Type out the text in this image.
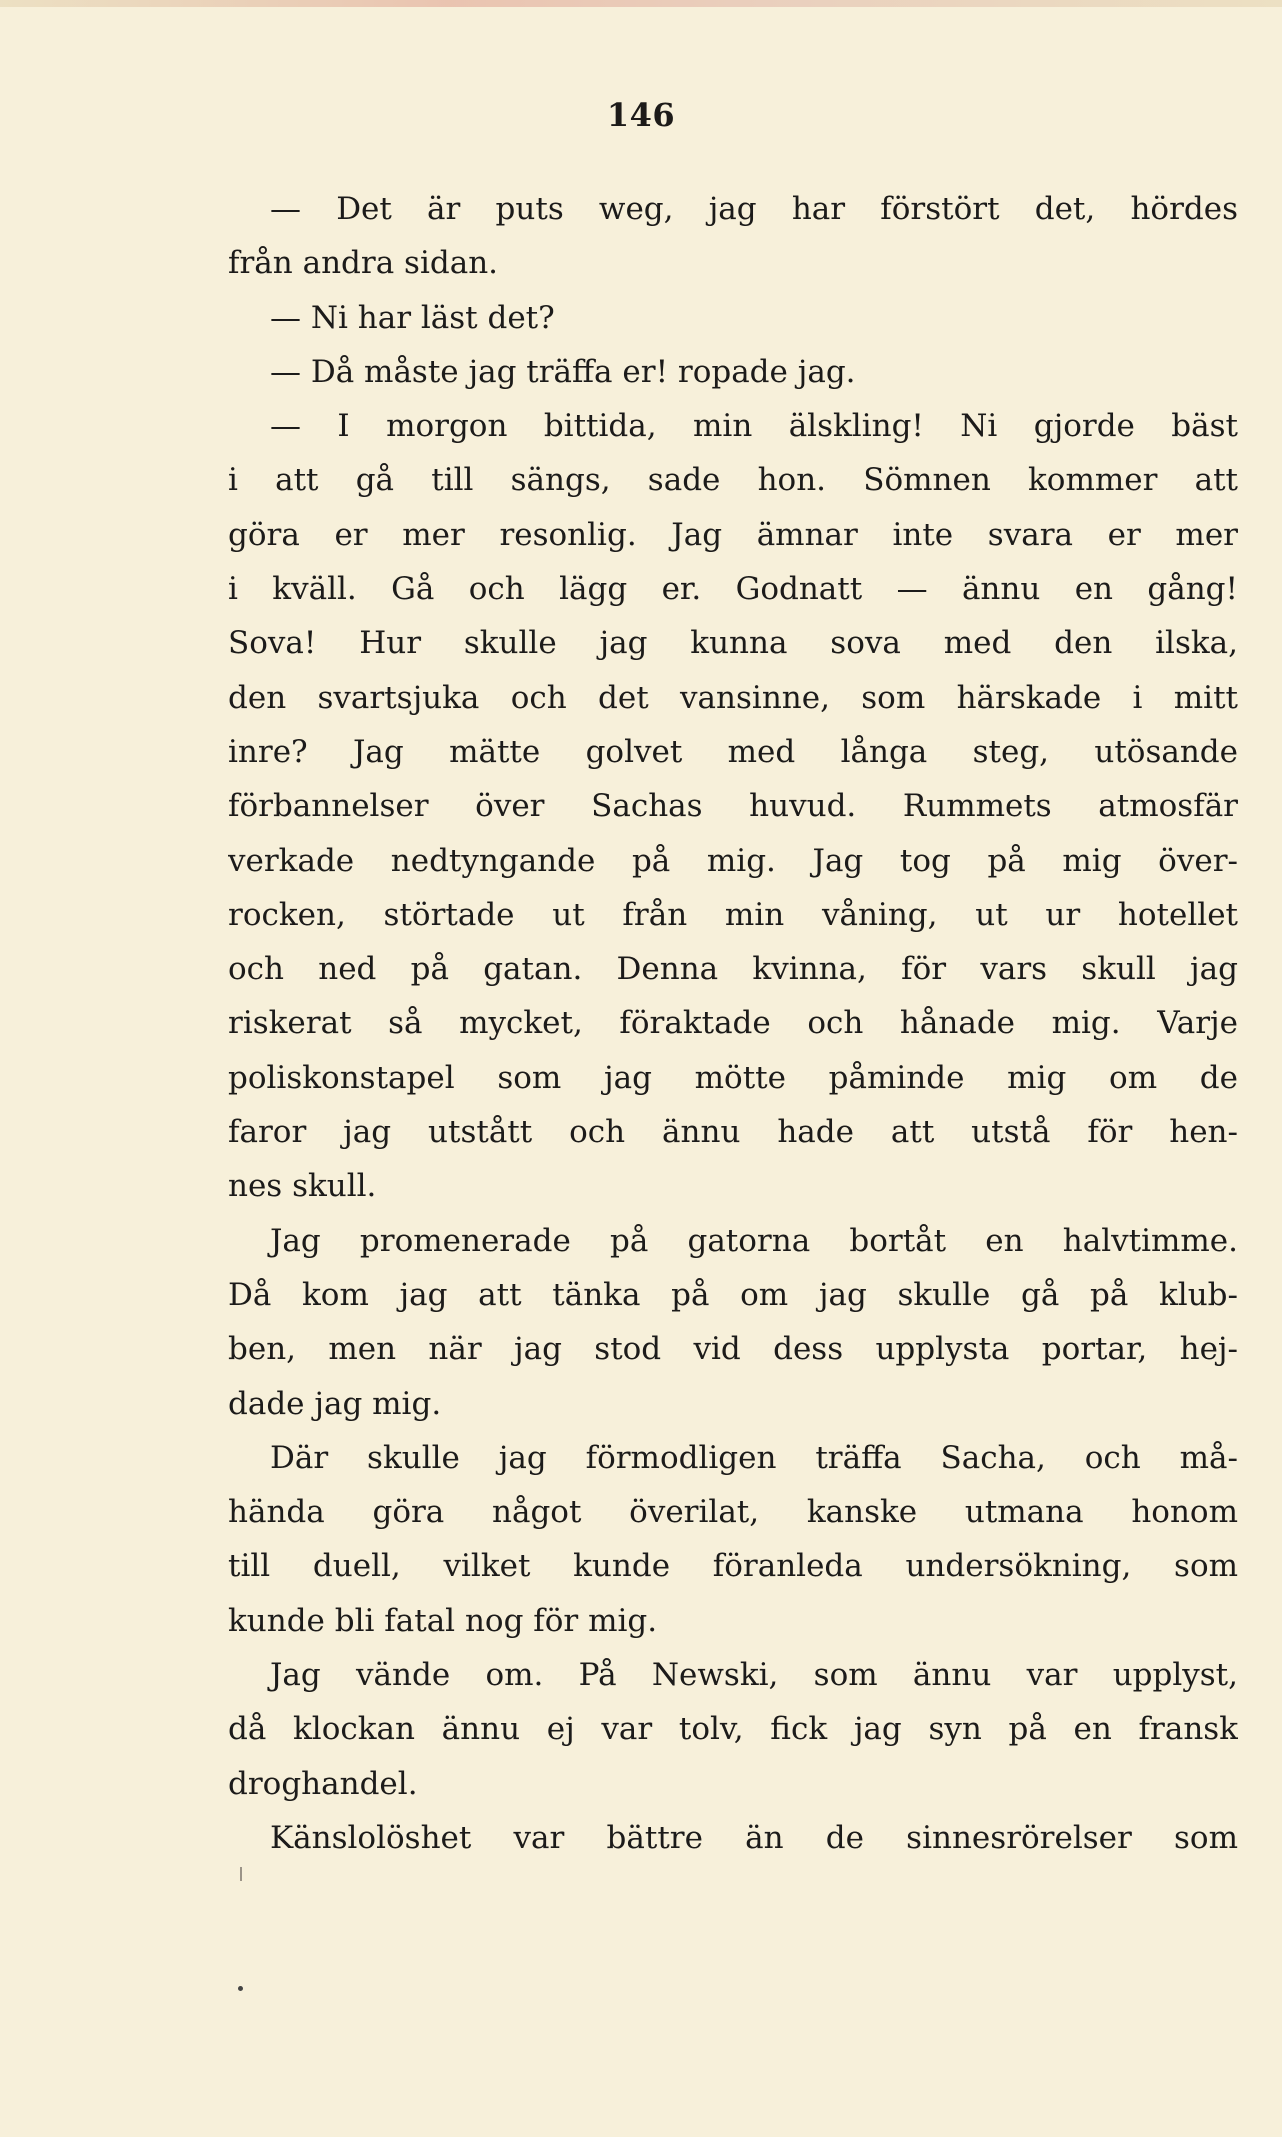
146
— Det är puts weg, jag har förstört det, hördes
från andra sidan.
— Ni har läst det?
— Då måste jag träffa er! ropade jag.
— I morgon bittida, min älskling! Ni gjorde bäst
i att gå till sängs, sade hon. Sömnen kommer att
göra er mer resonlig. Jag ämnar inte svara er mer
i kväll. Gå och lägg er. Godnatt — ännu en gång!
Sova! Hur skulle jag kunna sova med den ilska,
den svartsjuka och det vansinne, som härskade i mitt
inre? Jag mätte golvet med långa steg, utösande
förbannelser över Sachas huvud. Rummets atmosfär
verkade nedtyngande på mig. Jag tog på mig över-
rocken, störtade ut från min våning, ut ur hotellet
och ned på gatan. Denna kvinna, för vars skull jag
riskerat så mycket, föraktade och hånade mig. Varje
poliskonstapel som jag mötte påminde mig om de
faror jag utstått och ännu hade att utstå för hen-
nes skull.
Jag promenerade på gatorna bortåt en halvtimme.
Då kom jag att tänka på om jag skulle gå på klub-
ben, men när jag stod vid dess upplysta portar, hej-
dade jag mig.
Där skulle jag förmodligen träffa Sacha, och må-
hända göra något överilat, kanske utmana honom
till duell, vilket kunde föranleda undersökning, som
kunde bli fatal nog för mig.
Jag vände om. På Newski, som ännu var upplyst,
då klockan ännu ej var tolv, fick jag syn på en fransk
droghandel.
Känslolöshet var bättre än de sinnesrörelser som
